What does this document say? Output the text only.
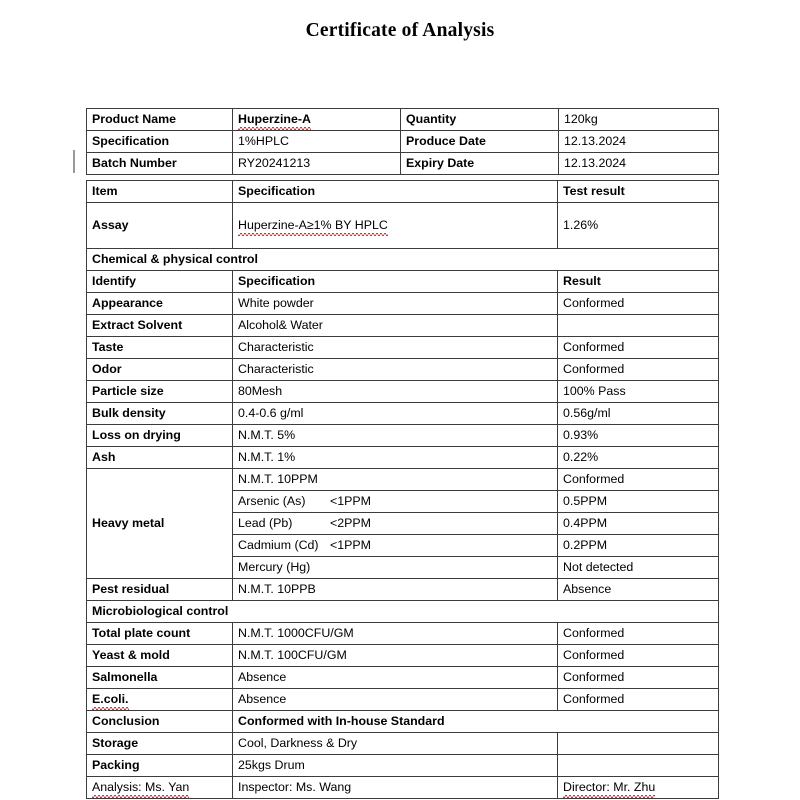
Certificate of Analysis
Product Name	Huperzine-A	Quantity	120kg
Specification	1%HPLC	Produce Date	12.13.2024
Batch Number	RY20241213	Expiry Date	12.13.2024
Item	Specification	Test result
Assay	Huperzine-A≥1% BY HPLC	1.26%
Chemical & physical control		
Identify	Specification	Result
Appearance	White powder	Conformed
Extract Solvent	Alcohol& Water	
Taste	Characteristic	Conformed
Odor	Characteristic	Conformed
Particle size	80Mesh	100% Pass
Bulk density	0.4-0.6 g/ml	0.56g/ml
Loss on drying	N.M.T. 5%	0.93%
Ash	N.M.T. 1%	0.22%
Heavy metal	N.M.T. 10PPM	Conformed
	Arsenic (As) <1PPM	0.5PPM
	Lead (Pb) <2PPM	0.4PPM
	Cadmium (Cd) <1PPM	0.2PPM
	Mercury (Hg)	Not detected
Pest residual	N.M.T. 10PPB	Absence
Microbiological control		
Total plate count	N.M.T. 1000CFU/GM	Conformed
Yeast & mold	N.M.T. 100CFU/GM	Conformed
Salmonella	Absence	Conformed
E.coli.	Absence	Conformed
Conclusion	Conformed with In-house Standard	
Storage	Cool, Darkness & Dry	
Packing	25kgs Drum	
Analysis: Ms. Yan	Inspector: Ms. Wang	Director: Mr. Zhu
